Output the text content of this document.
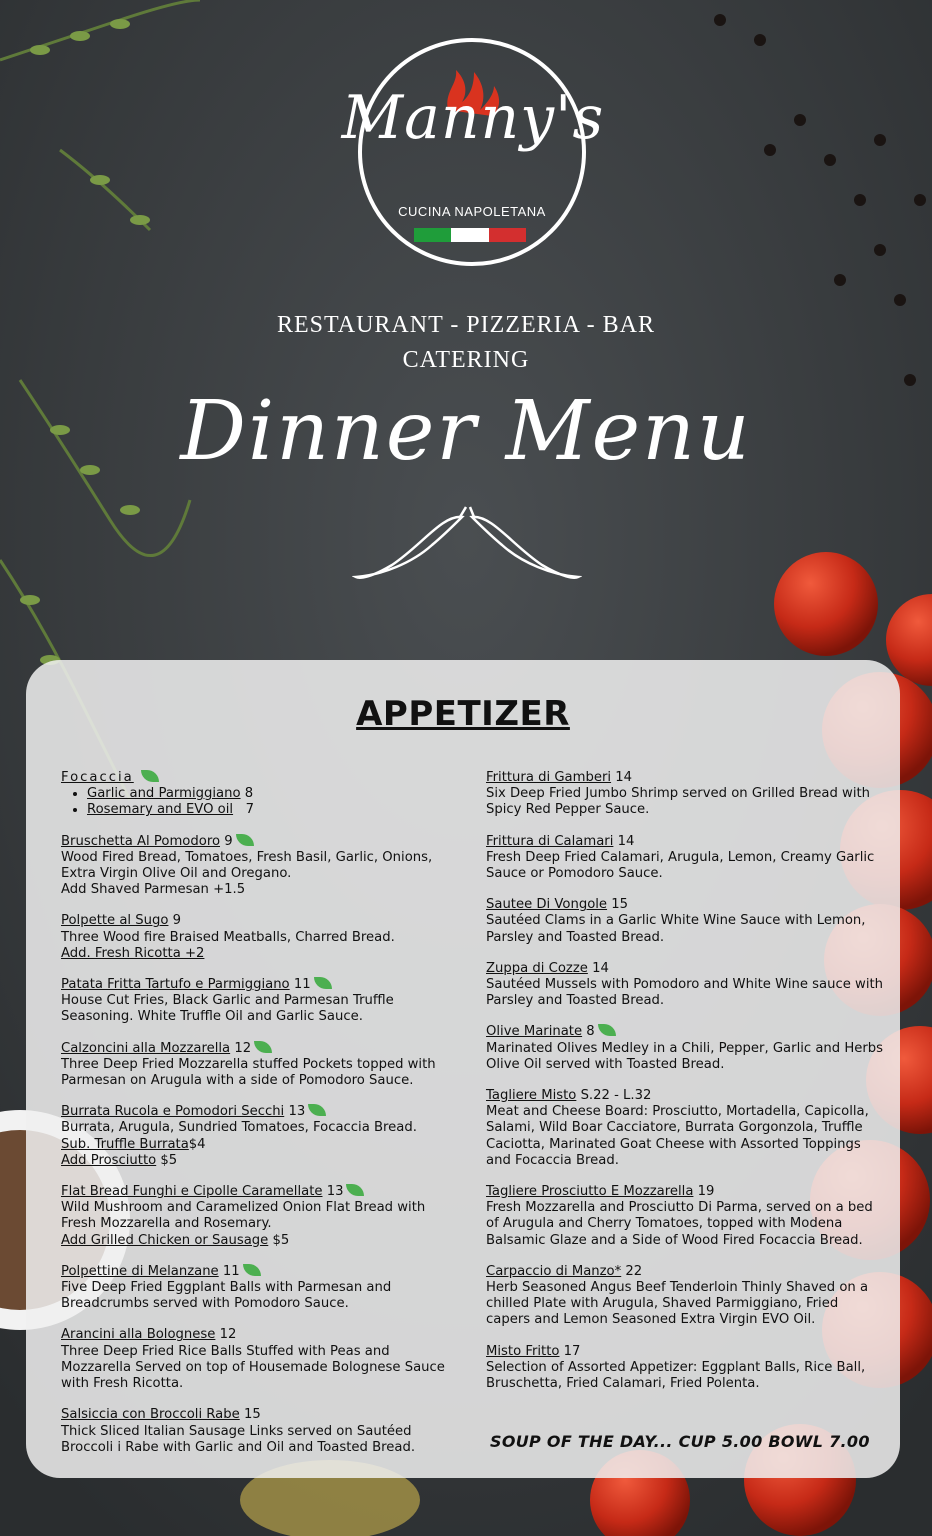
Manny's
CUCINA NAPOLETANA
RESTAURANT - PIZZERIA - BAR
CATERING
Dinner Menu
APPETIZER
Focaccia
• Garlic and Parmiggiano 8
• Rosemary and EVO oil 7
Bruschetta Al Pomodoro 9
Wood Fired Bread, Tomatoes, Fresh Basil, Garlic, Onions, Extra Virgin Olive Oil and Oregano.
Add Shaved Parmesan +1.5
Polpette al Sugo 9
Three Wood fire Braised Meatballs, Charred Bread.
Add. Fresh Ricotta +2
Patata Fritta Tartufo e Parmiggiano 11
House Cut Fries, Black Garlic and Parmesan Truffle Seasoning. White Truffle Oil and Garlic Sauce.
Calzoncini alla Mozzarella 12
Three Deep Fried Mozzarella stuffed Pockets topped with Parmesan on Arugula with a side of Pomodoro Sauce.
Burrata Rucola e Pomodori Secchi 13
Burrata, Arugula, Sundried Tomatoes, Focaccia Bread.
Sub. Truffle Burrata$4
Add Prosciutto $5
Flat Bread Funghi e Cipolle Caramellate 13
Wild Mushroom and Caramelized Onion Flat Bread with Fresh Mozzarella and Rosemary.
Add Grilled Chicken or Sausage $5
Polpettine di Melanzane 11
Five Deep Fried Eggplant Balls with Parmesan and Breadcrumbs served with Pomodoro Sauce.
Arancini alla Bolognese 12
Three Deep Fried Rice Balls Stuffed with Peas and Mozzarella Served on top of Housemade Bolognese Sauce with Fresh Ricotta.
Salsiccia con Broccoli Rabe 15
Thick Sliced Italian Sausage Links served on Sautéed Broccoli i Rabe with Garlic and Oil and Toasted Bread.
Frittura di Gamberi 14
Six Deep Fried Jumbo Shrimp served on Grilled Bread with Spicy Red Pepper Sauce.
Frittura di Calamari 14
Fresh Deep Fried Calamari, Arugula, Lemon, Creamy Garlic Sauce or Pomodoro Sauce.
Sautee Di Vongole 15
Sautéed Clams in a Garlic White Wine Sauce with Lemon, Parsley and Toasted Bread.
Zuppa di Cozze 14
Sautéed Mussels with Pomodoro and White Wine sauce with Parsley and Toasted Bread.
Olive Marinate 8
Marinated Olives Medley in a Chili, Pepper, Garlic and Herbs Olive Oil served with Toasted Bread.
Tagliere Misto S.22 - L.32
Meat and Cheese Board: Prosciutto, Mortadella, Capicolla, Salami, Wild Boar Cacciatore, Burrata Gorgonzola, Truffle Caciotta, Marinated Goat Cheese with Assorted Toppings and Focaccia Bread.
Tagliere Prosciutto E Mozzarella 19
Fresh Mozzarella and Prosciutto Di Parma, served on a bed of Arugula and Cherry Tomatoes, topped with Modena Balsamic Glaze and a Side of Wood Fired Focaccia Bread.
Carpaccio di Manzo* 22
Herb Seasoned Angus Beef Tenderloin Thinly Shaved on a chilled Plate with Arugula, Shaved Parmiggiano, Fried capers and Lemon Seasoned Extra Virgin EVO Oil.
Misto Fritto 17
Selection of Assorted Appetizer: Eggplant Balls, Rice Ball, Bruschetta, Fried Calamari, Fried Polenta.
SOUP OF THE DAY... CUP 5.00 BOWL 7.00
